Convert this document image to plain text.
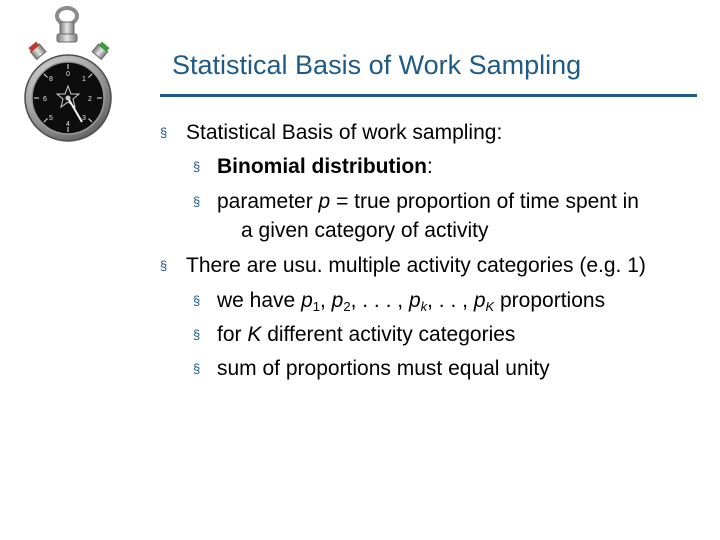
0
1
2
3
4
5
6
8	Statistical Basis of Work Sampling
§ Statistical Basis of work sampling:
§ Binomial distribution:
§ parameter p = true proportion of time spent in
a given category of activity
§ There are usu. multiple activity categories (e.g. 1)
§ we have $p_1$, $p_2$, . . . , $p_k$, . . , $p_K$ proportions
§ for K different activity categories
§ sum of proportions must equal unity
